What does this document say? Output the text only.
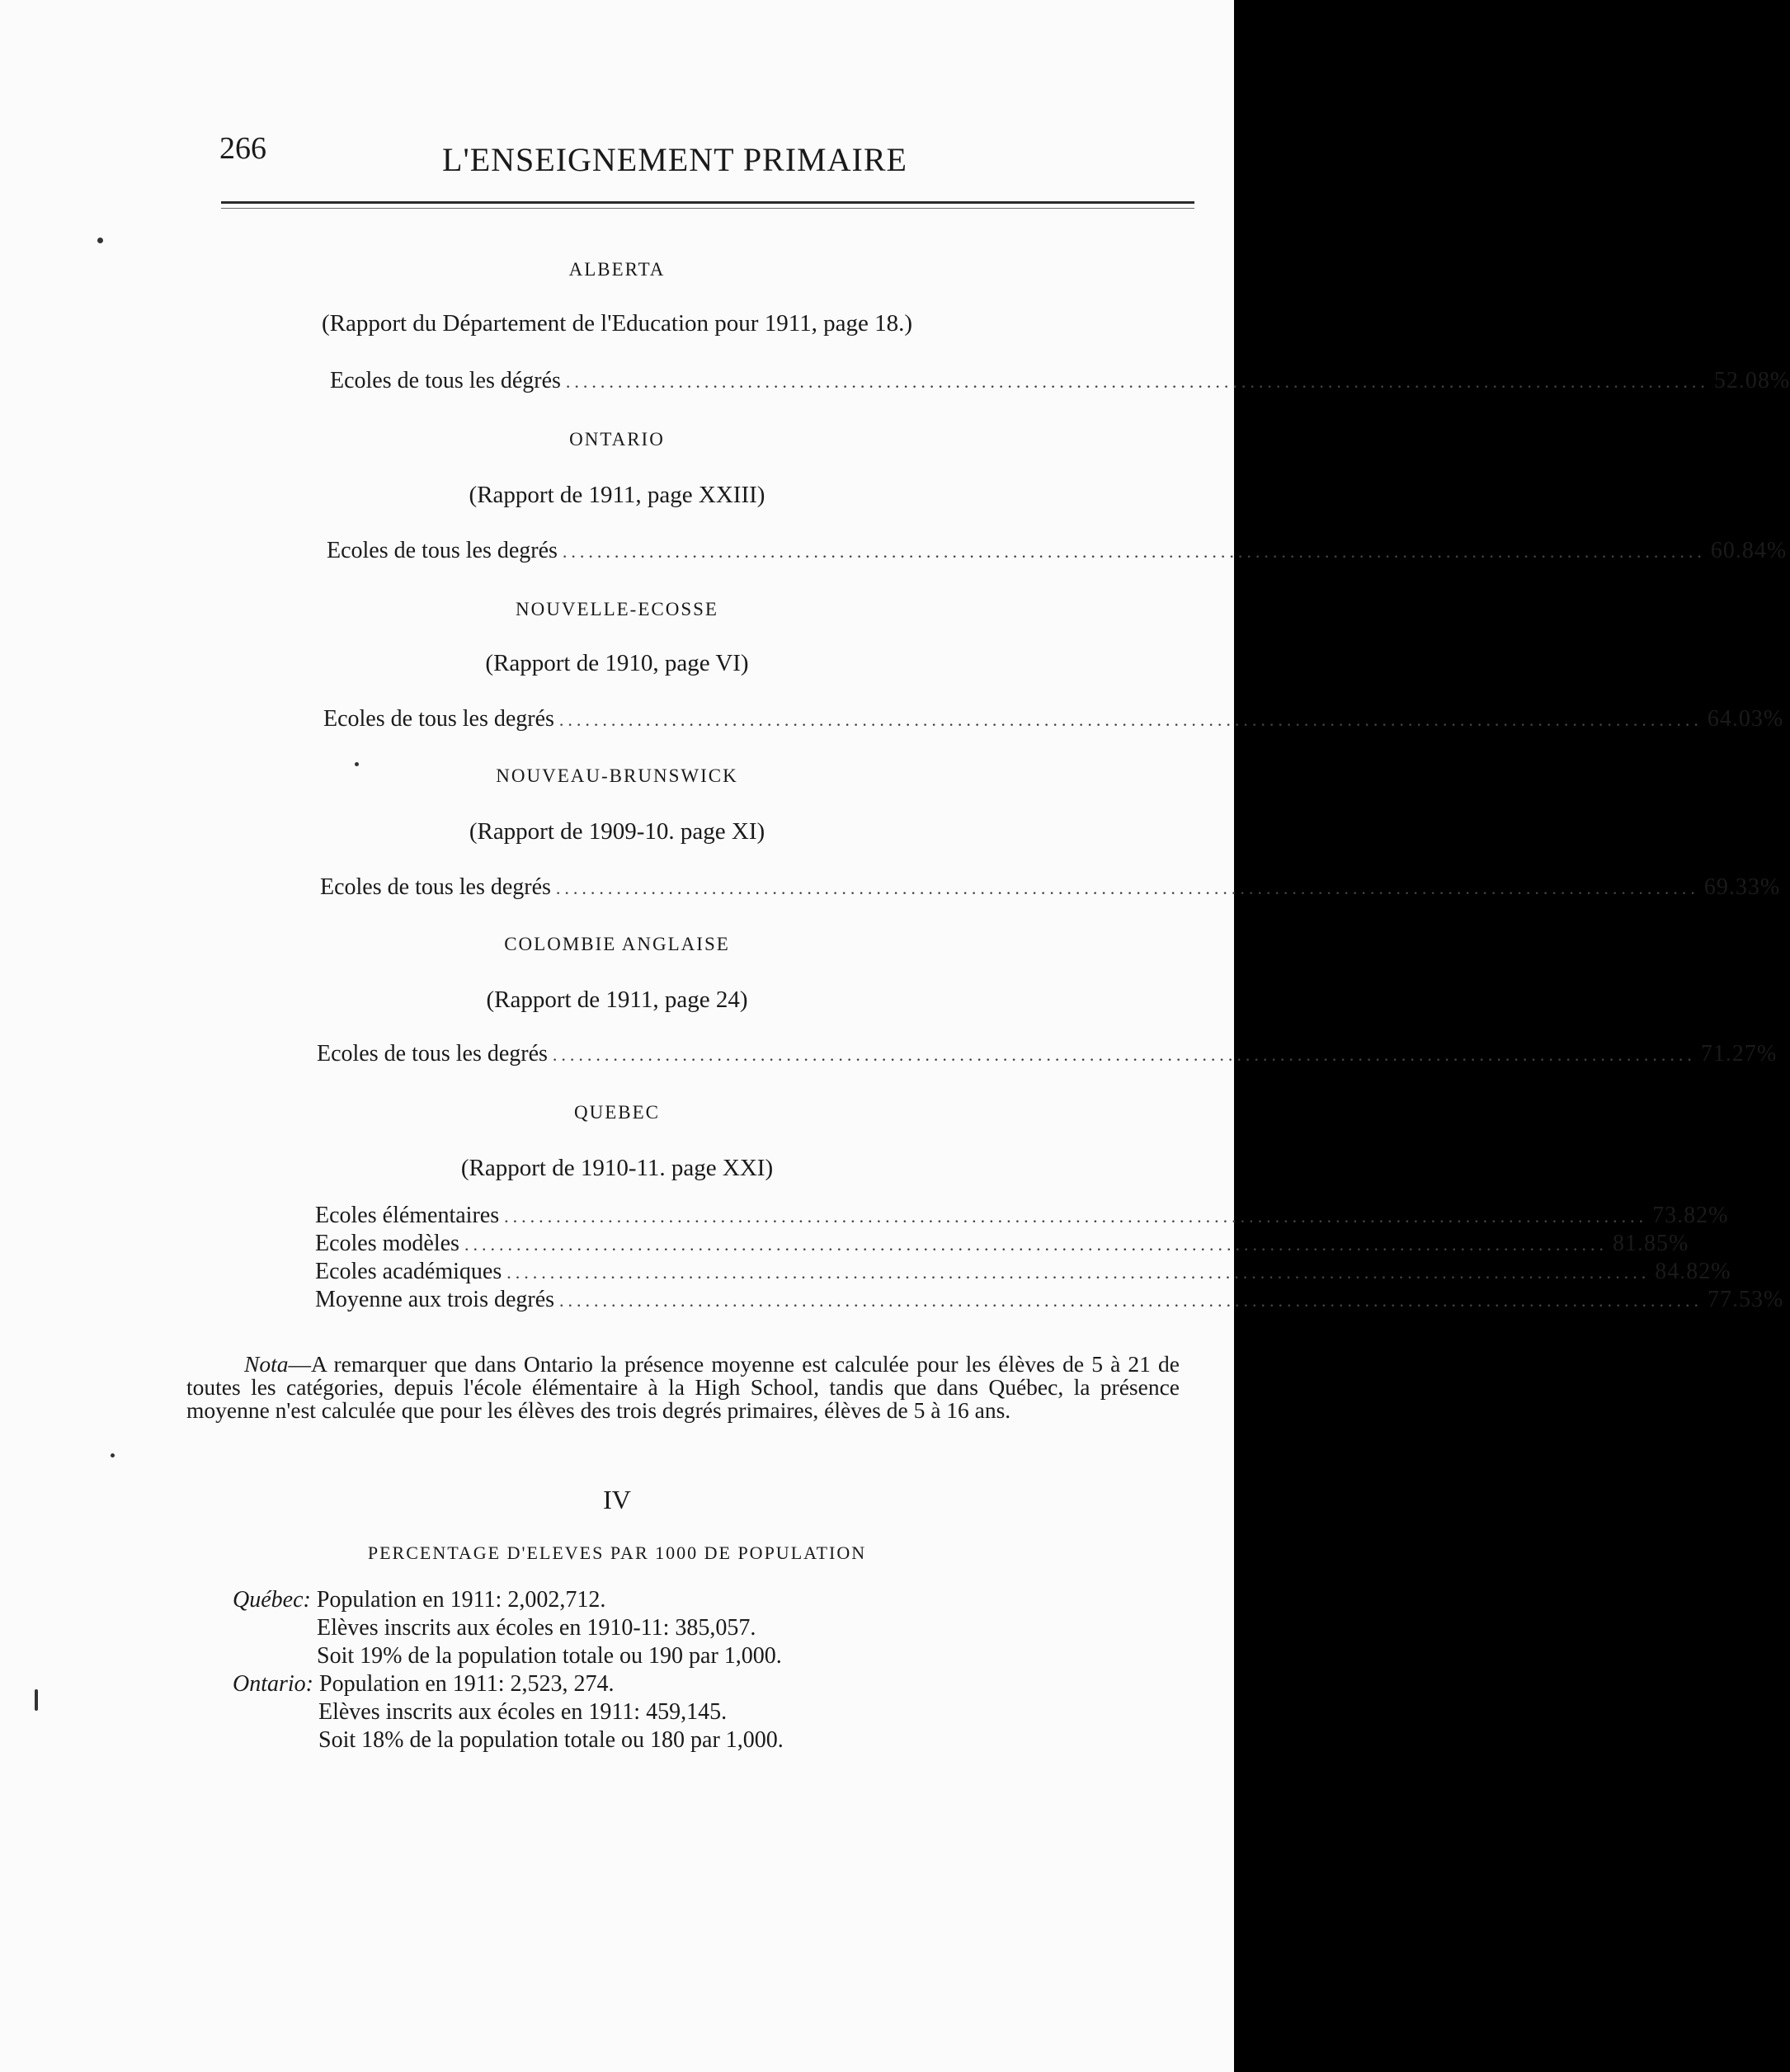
266	L'ENSEIGNEMENT PRIMAIRE
ALBERTA
(Rapport du Département de l'Education pour 1911, page 18.)
Ecoles de tous les dégrés .................................................................................................................................... 52.08%
ONTARIO
(Rapport de 1911, page XXIII)
Ecoles de tous les degrés .................................................................................................................................... 60.84%
NOUVELLE-ECOSSE
(Rapport de 1910, page VI)
Ecoles de tous les degrés .................................................................................................................................... 64.03%
NOUVEAU-BRUNSWICK
(Rapport de 1909-10. page XI)
Ecoles de tous les degrés .................................................................................................................................... 69.33%
COLOMBIE ANGLAISE
(Rapport de 1911, page 24)
Ecoles de tous les degrés .................................................................................................................................... 71.27%
QUEBEC
(Rapport de 1910-11. page XXI)
Ecoles élémentaires .................................................................................................................................... 73.82%
Ecoles modèles .................................................................................................................................... 81.85%
Ecoles académiques .................................................................................................................................... 84.82%
Moyenne aux trois degrés .................................................................................................................................... 77.53%
Nota—A remarquer que dans Ontario la présence moyenne est calculée pour les élèves de 5 à 21 de toutes les catégories, depuis l'école élémentaire à la High School, tandis que dans Québec, la présence moyenne n'est calculée que pour les élèves des trois degrés primaires, élèves de 5 à 16 ans.
IV
PERCENTAGE D'ELEVES PAR 1000 DE POPULATION
Québec: Population en 1911: 2,002,712.
Elèves inscrits aux écoles en 1910-11: 385,057.
Soit 19% de la population totale ou 190 par 1,000.
Ontario: Population en 1911: 2,523, 274.
Elèves inscrits aux écoles en 1911: 459,145.
Soit 18% de la population totale ou 180 par 1,000.
